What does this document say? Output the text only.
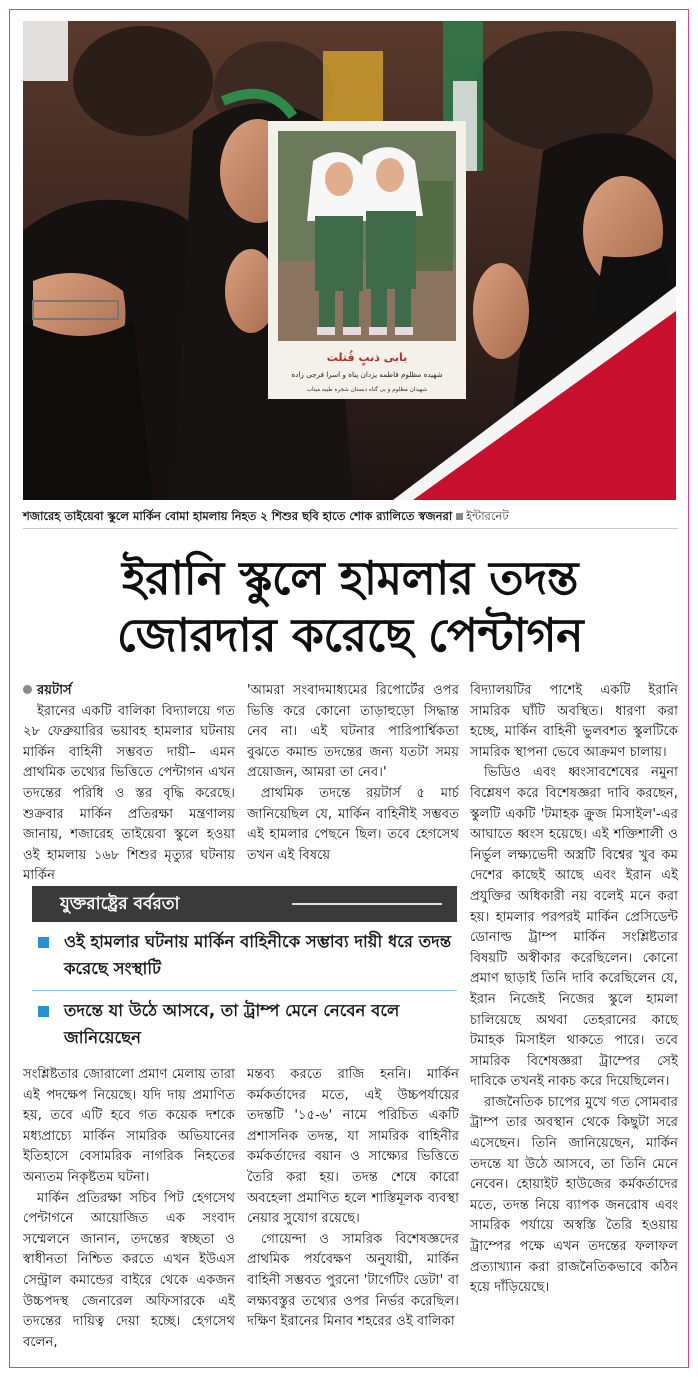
بابی ذنبٍ قُتلت
شهیده مظلوم فاطمه یزدان پناه و اسرا فرجی زاده
شهیدان مظلوم و بی گناه دبستان شجره طیبه میناب
শজারেহ তাইয়েবা স্কুলে মার্কিন বোমা হামলায় নিহত ২ শিশুর ছবি হাতে শোক র‍্যালিতে স্বজনরা ইন্টারনেট
ইরানি স্কুলে হামলার তদন্ত
জোরদার করেছে পেন্টাগন

রয়টার্স

ইরানের একটি বালিকা বিদ্যালয়ে গত ২৮ ফেব্রুয়ারির ভয়াবহ হামলার ঘটনায় মার্কিন বাহিনী সম্ভবত দায়ী– এমন প্রাথমিক তথ্যের ভিত্তিতে পেন্টাগন এখন তদন্তের পরিধি ও স্তর বৃদ্ধি করেছে। শুক্রবার মার্কিন প্রতিরক্ষা মন্ত্রণালয় জানায়, শজারেহ তাইয়েবা স্কুলে হওয়া ওই হামলায় ১৬৮ শিশুর মৃত্যুর ঘটনায় মার্কিন

'আমরা সংবাদমাধ্যমের রিপোর্টের ওপর ভিত্তি করে কোনো তাড়াহুড়ো সিদ্ধান্ত নেব না। এই ঘটনার পারিপার্শ্বিকতা বুঝতে কমান্ড তদন্তের জন্য যতটা সময় প্রয়োজন, আমরা তা নেব।'

প্রাথমিক তদন্তে রয়টার্স ৫ মার্চ জানিয়েছিল যে, মার্কিন বাহিনীই সম্ভবত এই হামলার পেছনে ছিল। তবে হেগসেথ তখন এই বিষয়ে

যুক্তরাষ্ট্রের বর্বরতা
ওই হামলার ঘটনায় মার্কিন বাহিনীকে সম্ভাব্য দায়ী ধরে তদন্ত করেছে সংস্থাটি
তদন্তে যা উঠে আসবে, তা ট্রাম্প মেনে নেবেন বলে জানিয়েছেন

সংশ্লিষ্টতার জোরালো প্রমাণ মেলায় তারা এই পদক্ষেপ নিয়েছে। যদি দায় প্রমাণিত হয়, তবে এটি হবে গত কয়েক দশকে মধ্যপ্রাচ্যে মার্কিন সামরিক অভিযানের ইতিহাসে বেসামরিক নাগরিক নিহতের অন্যতম নিকৃষ্টতম ঘটনা।

মার্কিন প্রতিরক্ষা সচিব পিট হেগসেথ পেন্টাগনে আয়োজিত এক সংবাদ সম্মেলনে জানান, তদন্তের স্বচ্ছতা ও স্বাধীনতা নিশ্চিত করতে এখন ইউএস সেন্ট্রাল কমান্ডের বাইরে থেকে একজন উচ্চপদস্থ জেনারেল অফিসারকে এই তদন্তের দায়িত্ব দেয়া হচ্ছে। হেগসেথ বলেন,

মন্তব্য করতে রাজি হননি। মার্কিন কর্মকর্তাদের মতে, এই উচ্চপর্যায়ের তদন্তটি '১৫-৬' নামে পরিচিত একটি প্রশাসনিক তদন্ত, যা সামরিক বাহিনীর কর্মকর্তাদের বয়ান ও সাক্ষ্যের ভিত্তিতে তৈরি করা হয়। তদন্ত শেষে কারো অবহেলা প্রমাণিত হলে শাস্তিমূলক ব্যবস্থা নেয়ার সুযোগ রয়েছে।

গোয়েন্দা ও সামরিক বিশেষজ্ঞদের প্রাথমিক পর্যবেক্ষণ অনুযায়ী, মার্কিন বাহিনী সম্ভবত পুরনো 'টার্গেটিং ডেটা' বা লক্ষ্যবস্তুর তথ্যের ওপর নির্ভর করেছিল। দক্ষিণ ইরানের মিনাব শহরের ওই বালিকা

বিদ্যালয়টির পাশেই একটি ইরানি সামরিক ঘাঁটি অবস্থিত। ধারণা করা হচ্ছে, মার্কিন বাহিনী ভুলবশত স্কুলটিকে সামরিক স্থাপনা ভেবে আক্রমণ চালায়।

ভিডিও এবং ধ্বংসাবশেষের নমুনা বিশ্লেষণ করে বিশেষজ্ঞরা দাবি করছেন, স্কুলটি একটি 'টমাহক ক্রুজ মিসাইল'-এর আঘাতে ধ্বংস হয়েছে। এই শক্তিশালী ও নির্ভুল লক্ষ্যভেদী অস্ত্রটি বিশ্বের খুব কম দেশের কাছেই আছে এবং ইরান এই প্রযুক্তির অধিকারী নয় বলেই মনে করা হয়। হামলার পরপরই মার্কিন প্রেসিডেন্ট ডোনাল্ড ট্রাম্প মার্কিন সংশ্লিষ্টতার বিষয়টি অস্বীকার করেছিলেন। কোনো প্রমাণ ছাড়াই তিনি দাবি করেছিলেন যে, ইরান নিজেই নিজের স্কুলে হামলা চালিয়েছে অথবা তেহরানের কাছে টমাহক মিসাইল থাকতে পারে। তবে সামরিক বিশেষজ্ঞরা ট্রাম্পের সেই দাবিকে তখনই নাকচ করে দিয়েছিলেন।

রাজনৈতিক চাপের মুখে গত সোমবার ট্রাম্প তার অবস্থান থেকে কিছুটা সরে এসেছেন। তিনি জানিয়েছেন, মার্কিন তদন্তে যা উঠে আসবে, তা তিনি মেনে নেবেন। হোয়াইট হাউজের কর্মকর্তাদের মতে, তদন্ত নিয়ে ব্যাপক জনরোষ এবং সামরিক পর্যায়ে অস্বস্তি তৈরি হওয়ায় ট্রাম্পের পক্ষে এখন তদন্তের ফলাফল প্রত্যাখ্যান করা রাজনৈতিকভাবে কঠিন হয়ে দাঁড়িয়েছে।
